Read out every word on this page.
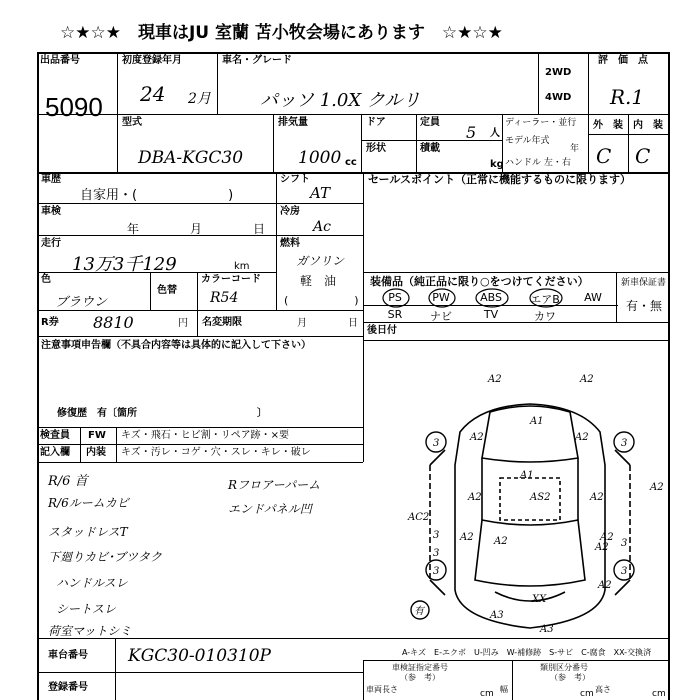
☆★☆★　現車はJU 室蘭 苫小牧会場にあります　☆★☆★
出品番号
5090
初度登録年月
24 2月
車名・グレード
パッソ 1.0X クルリ
2WD
4WD
評　価　点
R.1
型式
DBA-KGC30
排気量
1000 cc
ドア
形状
定員
5 人
積載
kg
ディーラー・並行
モデル年式
年
ハンドル 左・右
外　装 内　装
C C
車歴
自家用・(　　　　　　　)
シフト
AT
セールスポイント（正常に機能するものに限ります）
車検
年	月	日
冷房
Ac
走行
13万3千129	km
燃料
ガソリン
軽　油
(　　　　　　)
色
ブラウン
色替
カラーコード
R54
装備品（純正品に限り○をつけてください）	新車保証書
有・無
PS	PW	ABS	エアB	AW
SR	ナビ	TV	カワ
R券 8810	円 名変期限	月	日
後日付
注意事項申告欄（不具合内容等は具体的に記入して下さい）
修復歴　有〔箇所　　　　　　　　　　　　〕
検査員 FW キズ・飛石・ヒビ割・リペア跡・×要
記入欄 内装 キズ・汚レ・コゲ・穴・スレ・キレ・破レ
R/6 首
R/6ルームカビ
スタッドレスT
下廻りカビ･ブツタク
ハンドルスレ
シートスレ
荷室マットシミ
Rフロアーパーム
エンドパネル凹
A2	A2
A1
A2	A2
3	3
A2	A2
A1
A2
3
AS2
A2
AC2
A2
A2
3
3
XX
A3
A3
3
3
A2
A2
有
A-キズ　E-エクボ　U-凹み　W-補修跡　S-サビ　C-腐食　XX-交換済
車台番号 KGC30-010310P
登録番号
車検証指定番号
（参　考）
類別区分番号
（参　考）
車両長さ	cm 幅	cm 高さ	cm
